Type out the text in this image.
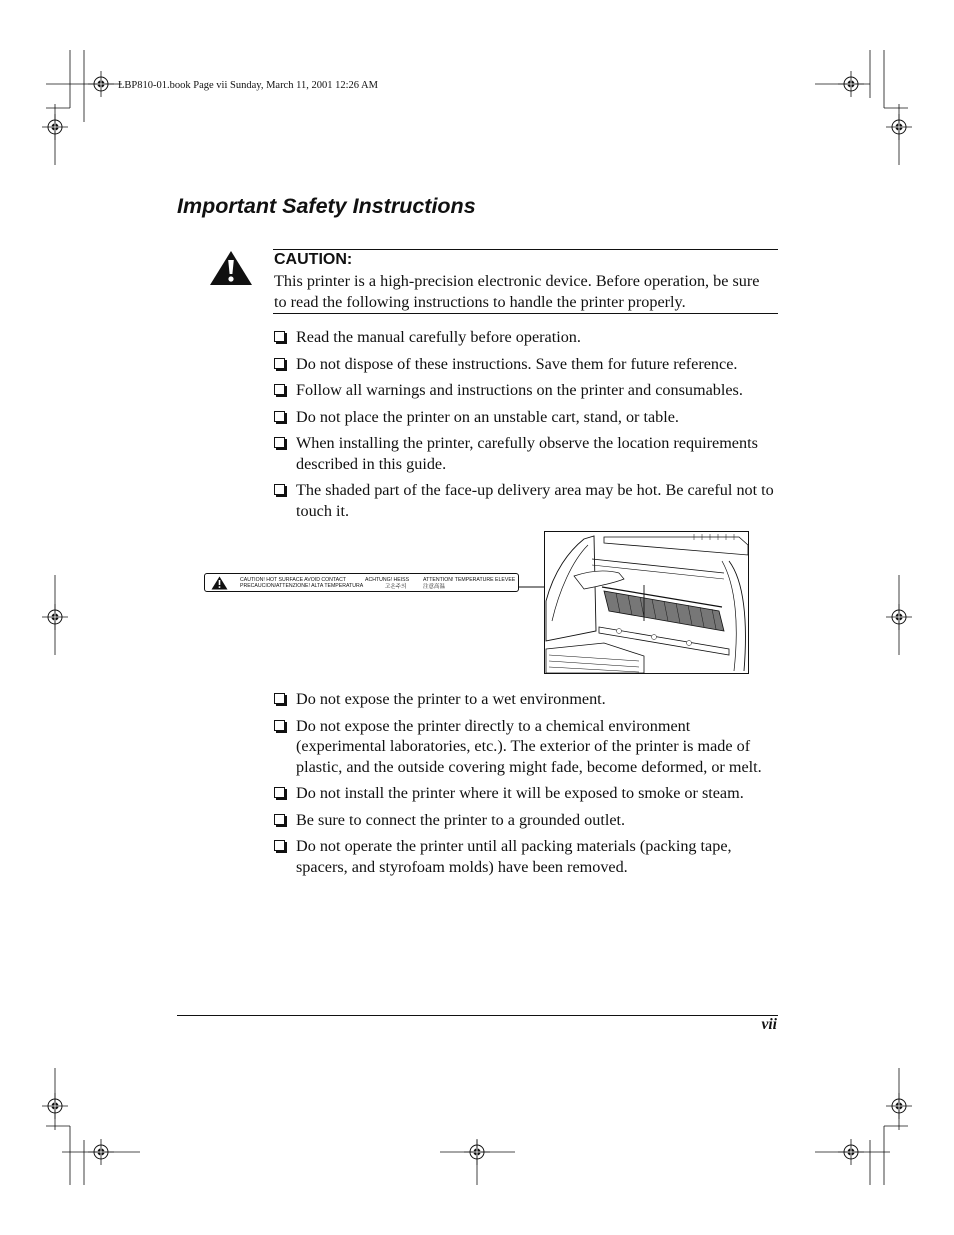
LBP810-01.book Page vii Sunday, March 11, 2001 12:26 AM
Important Safety Instructions
CAUTION:
This printer is a high-precision electronic device. Before operation, be sure to read the following instructions to handle the printer properly.
Read the manual carefully before operation.
Do not dispose of these instructions. Save them for future reference.
Follow all warnings and instructions on the printer and consumables.
Do not place the printer on an unstable cart, stand, or table.
When installing the printer, carefully observe the location requirements described in this guide.
The shaded part of the face-up delivery area may be hot. Be careful not to touch it.
CAUTION! HOT SURFACE AVOID CONTACT
PRECAUCION/ATTENZIONE! ALTA TEMPERATURA
ACHTUNG! HEISS	ATTENTION! TEMPERATURE ELEVEE
고온주의	注意高温
Do not expose the printer to a wet environment.
Do not expose the printer directly to a chemical environment (experimental laboratories, etc.). The exterior of the printer is made of plastic, and the outside covering might fade, become deformed, or melt.
Do not install the printer where it will be exposed to smoke or steam.
Be sure to connect the printer to a grounded outlet.
Do not operate the printer until all packing materials (packing tape, spacers, and styrofoam molds) have been removed.
vii
